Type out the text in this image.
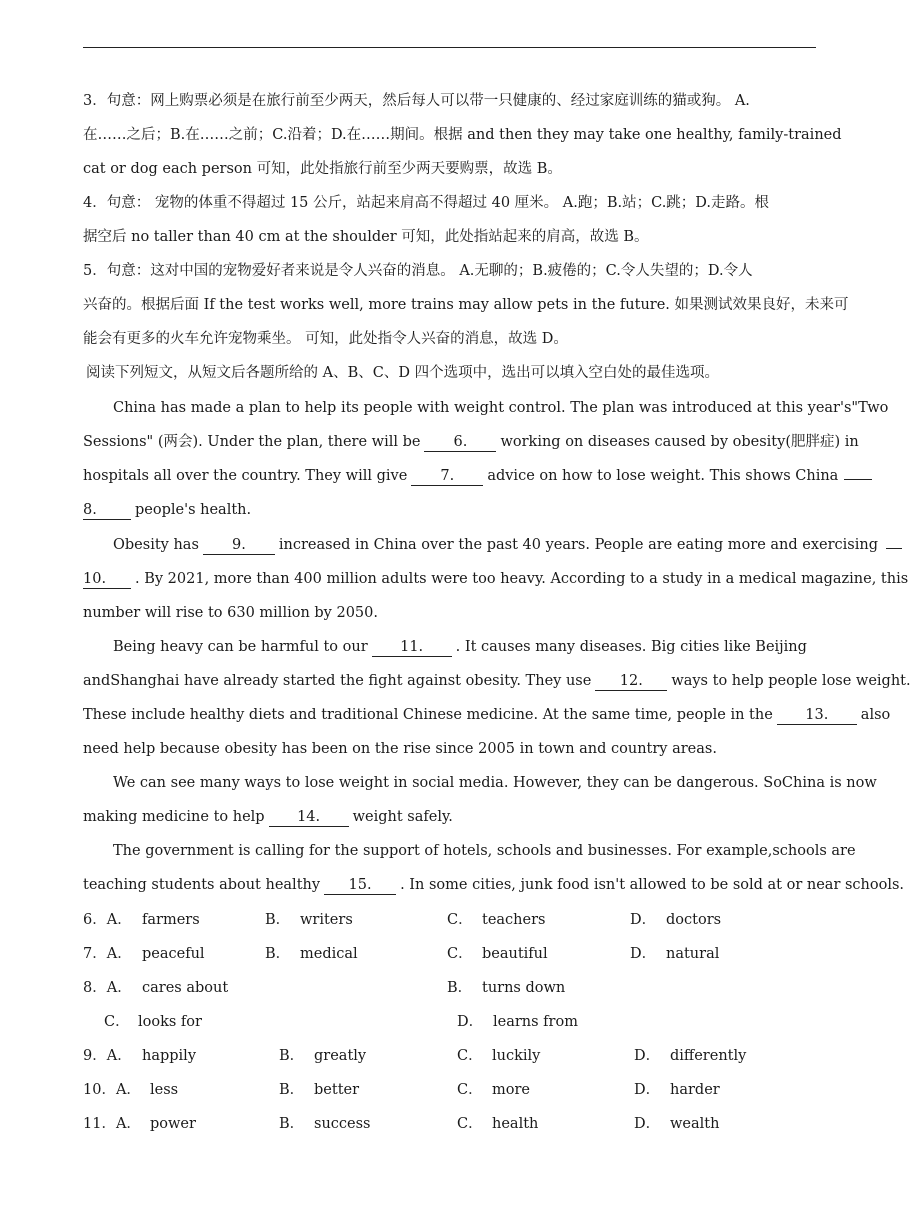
3．句意：网上购票必须是在旅行前至少两天，然后每人可以带一只健康的、经过家庭训练的猫或狗。 A.
在……之后；B.在……之前；C.沿着；D.在……期间。根据 and then they may take one healthy, family-trained
cat or dog each person 可知，此处指旅行前至少两天要购票，故选 B。
4．句意： 宠物的体重不得超过 15 公斤，站起来肩高不得超过 40 厘米。 A.跑；B.站；C.跳；D.走路。根
据空后 no taller than 40 cm at the shoulder 可知，此处指站起来的肩高，故选 B。
5．句意：这对中国的宠物爱好者来说是令人兴奋的消息。 A.无聊的；B.疲倦的；C.令人失望的；D.令人
兴奋的。根据后面 If the test works well, more trains may allow pets in the future. 如果测试效果良好，未来可
能会有更多的火车允许宠物乘坐。 可知，此处指令人兴奋的消息，故选 D。
阅读下列短文，从短文后各题所给的 A、B、C、D 四个选项中，选出可以填入空白处的最佳选项。
China has made a plan to help its people with weight control. The plan was introduced at this year's"Two
Sessions" (两会). Under the plan, there will be 6. working on diseases caused by obesity(肥胖症) in
hospitals all over the country. They will give 7. advice on how to lose weight. This shows China
8.	people's health.
Obesity has 9. increased in China over the past 40 years. People are eating more and exercising
10. . By 2021, more than 400 million adults were too heavy. According to a study in a medical magazine, this
number will rise to 630 million by 2050.
Being heavy can be harmful to our 11. . It causes many diseases. Big cities like Beijing
andShanghai have already started the fight against obesity. They use 12. ways to help people lose weight.
These include healthy diets and traditional Chinese medicine. At the same time, people in the 13. also
need help because obesity has been on the rise since 2005 in town and country areas.
We can see many ways to lose weight in social media. However, they can be dangerous. SoChina is now
making medicine to help 14. weight safely.
The government is calling for the support of hotels, schools and businesses. For example,schools are
teaching students about healthy 15. . In some cities, junk food isn't allowed to be sold at or near schools.
6．A． farmers	B． writers	C． teachers	D． doctors
7．A． peaceful	B． medical	C． beautiful	D． natural
8．A． cares about	B． turns down
C． looks for	D． learns from
9．A． happily	B． greatly	C． luckily	D． differently
10．A． less	B． better	C． more	D． harder
11．A． power	B． success	C． health	D． wealth
